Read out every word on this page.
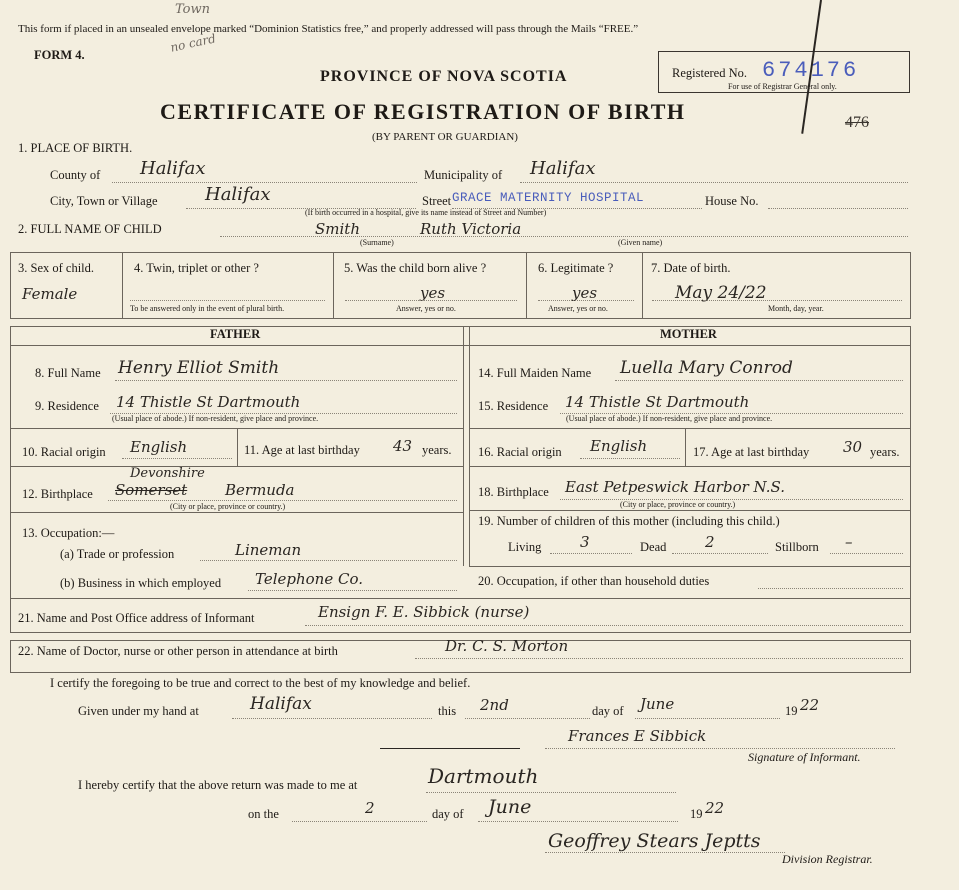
This form if placed in an unsealed envelope marked “Dominion Statistics free,” and properly addressed will pass through the Mails “FREE.”
Town
no card
FORM 4.
PROVINCE OF NOVA SCOTIA
CERTIFICATE OF REGISTRATION OF BIRTH
(BY PARENT OR GUARDIAN)
Registered No. 674176
For use of Registrar General only.
476
1. PLACE OF BIRTH.
County of Halifax	Municipality of Halifax
City, Town or Village	Halifax	Street GRACE MATERNITY HOSPITAL	House No.
(If birth occurred in a hospital, give its name instead of Street and Number)
2. FULL NAME OF CHILD	Smith	Ruth Victoria
(Surname)	(Given name)
3. Sex of child.
Female
4. Twin, triplet or other ?
To be answered only in the event of plural birth.
5. Was the child born alive ?
yes
Answer, yes or no.
6. Legitimate ?
yes
Answer, yes or no.
7. Date of birth.
May 24/22
Month, day, year.
FATHER	MOTHER
8. Full Name Henry Elliot Smith
9. Residence 14 Thistle St Dartmouth
(Usual place of abode.) If non-resident, give place and province.
10. Racial origin English	11. Age at last birthday 43 years.
12. Birthplace Somerset
Devonshire
Bermuda
(City or place, province or country.)
13. Occupation:—
(a) Trade or profession	Lineman
(b) Business in which employed Telephone Co.
14. Full Maiden Name Luella Mary Conrod
15. Residence 14 Thistle St Dartmouth
(Usual place of abode.) If non-resident, give place and province.
16. Racial origin English	17. Age at last birthday 30 years.
18. Birthplace East Petpeswick Harbor N.S.
(City or place, province or country.)
19. Number of children of this mother (including this child.)
Living	3	Dead	2	Stillborn –
20. Occupation, if other than household duties
21. Name and Post Office address of Informant	Ensign F. E. Sibbick (nurse)
22. Name of Doctor, nurse or other person in attendance at birth	Dr. C. S. Morton
I certify the foregoing to be true and correct to the best of my knowledge and belief.
Given under my hand at	Halifax	this 2nd	day of June	19 22
Frances E Sibbick
Signature of Informant.
I hereby certify that the above return was made to me at	Dartmouth
on the	2	day of June	19 22
Geoffrey Stears Jeptts
Division Registrar.
